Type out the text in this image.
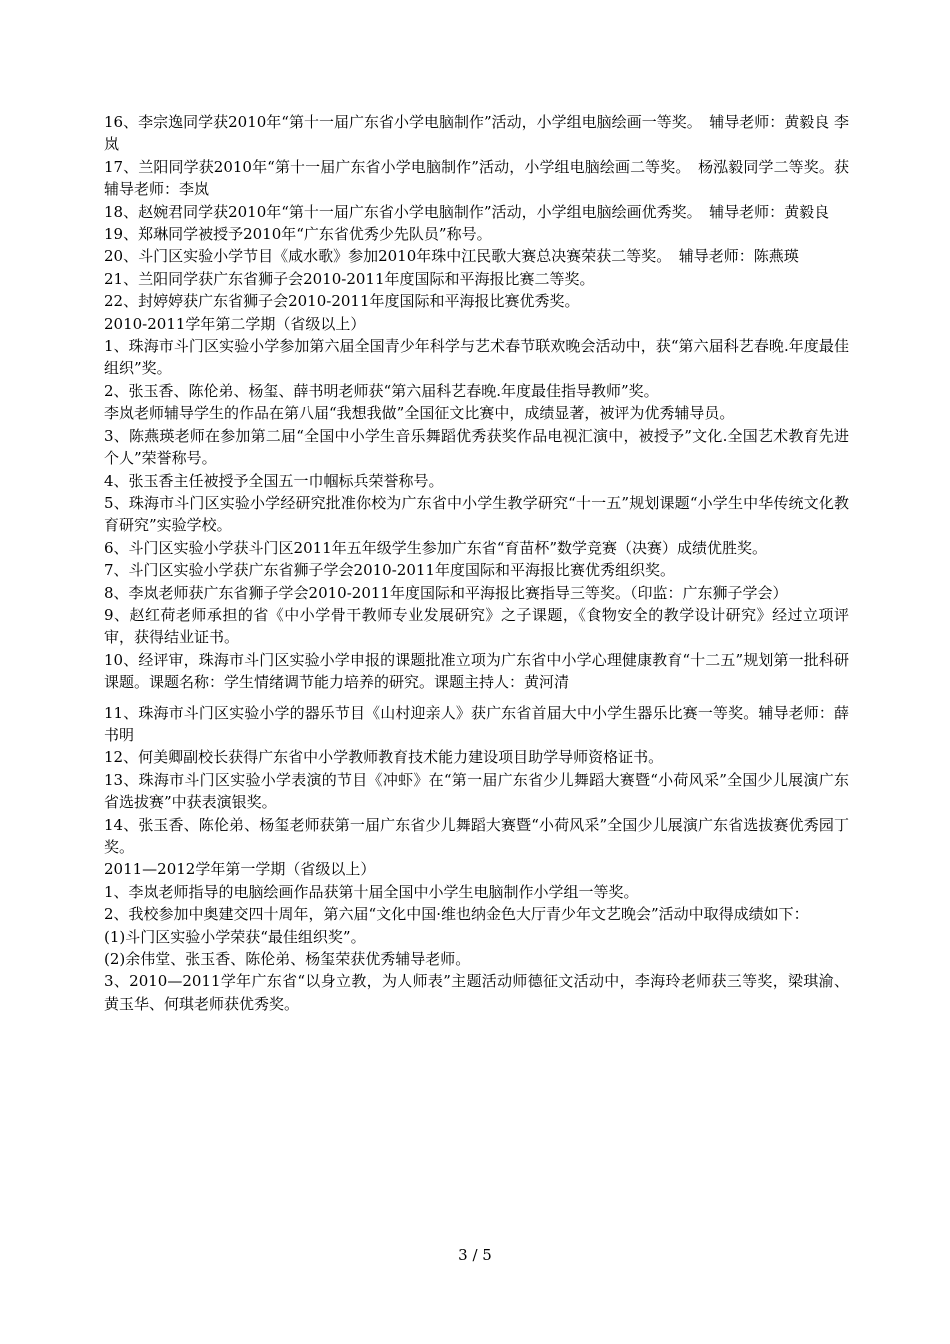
16、李宗逸同学获2010年“第十一届广东省小学电脑制作”活动，小学组电脑绘画一等奖。　辅导老师：黄毅良 李岚

17、兰阳同学获2010年“第十一届广东省小学电脑制作”活动，小学组电脑绘画二等奖。　杨泓毅同学二等奖。获辅导老师：李岚

18、赵婉君同学获2010年“第十一届广东省小学电脑制作”活动，小学组电脑绘画优秀奖。　辅导老师：黄毅良

19、郑琳同学被授予2010年“广东省优秀少先队员”称号。

20、斗门区实验小学节目《咸水歌》参加2010年珠中江民歌大赛总决赛荣获二等奖。　辅导老师：陈燕瑛

21、兰阳同学获广东省狮子会2010-2011年度国际和平海报比赛二等奖。

22、封婷婷获广东省狮子会2010-2011年度国际和平海报比赛优秀奖。

2010-2011学年第二学期（省级以上）

1、珠海市斗门区实验小学参加第六届全国青少年科学与艺术春节联欢晚会活动中，获“第六届科艺春晚.年度最佳组织”奖。

2、张玉香、陈伦弟、杨玺、薛书明老师获“第六届科艺春晚.年度最佳指导教师”奖。

李岚老师辅导学生的作品在第八届“我想我做”全国征文比赛中，成绩显著，被评为优秀辅导员。

3、陈燕瑛老师在参加第二届“全国中小学生音乐舞蹈优秀获奖作品电视汇演中，被授予”文化.全国艺术教育先进个人”荣誉称号。

4、张玉香主任被授予全国五一巾帼标兵荣誉称号。

5、珠海市斗门区实验小学经研究批准你校为广东省中小学生教学研究“十一五”规划课题“小学生中华传统文化教育研究”实验学校。

6、斗门区实验小学获斗门区2011年五年级学生参加广东省“育苗杯”数学竞赛（决赛）成绩优胜奖。

7、斗门区实验小学获广东省狮子学会2010-2011年度国际和平海报比赛优秀组织奖。

8、李岚老师获广东省狮子学会2010-2011年度国际和平海报比赛指导三等奖。（印监：广东狮子学会）

9、赵红荷老师承担的省《中小学骨干教师专业发展研究》之子课题，《食物安全的教学设计研究》经过立项评审，获得结业证书。

10、经评审，珠海市斗门区实验小学申报的课题批准立项为广东省中小学心理健康教育“十二五”规划第一批科研课题。课题名称：学生情绪调节能力培养的研究。课题主持人：黄河清

11、珠海市斗门区实验小学的器乐节目《山村迎亲人》获广东省首届大中小学生器乐比赛一等奖。辅导老师：薛书明

12、何美卿副校长获得广东省中小学教师教育技术能力建设项目助学导师资格证书。

13、珠海市斗门区实验小学表演的节目《冲虾》在“第一届广东省少儿舞蹈大赛暨“小荷风采”全国少儿展演广东省选拔赛”中获表演银奖。

14、张玉香、陈伦弟、杨玺老师获第一届广东省少儿舞蹈大赛暨“小荷风采”全国少儿展演广东省选拔赛优秀园丁奖。

2011—2012学年第一学期（省级以上）

1、李岚老师指导的电脑绘画作品获第十届全国中小学生电脑制作小学组一等奖。

2、我校参加中奥建交四十周年，第六届“文化中国·维也纳金色大厅青少年文艺晚会”活动中取得成绩如下：

(1)斗门区实验小学荣获“最佳组织奖”。

(2)余伟堂、张玉香、陈伦弟、杨玺荣获优秀辅导老师。

3、2010—2011学年广东省“以身立教，为人师表”主题活动师德征文活动中，李海玲老师获三等奖，梁琪渝、黄玉华、何琪老师获优秀奖。

3 / 5
